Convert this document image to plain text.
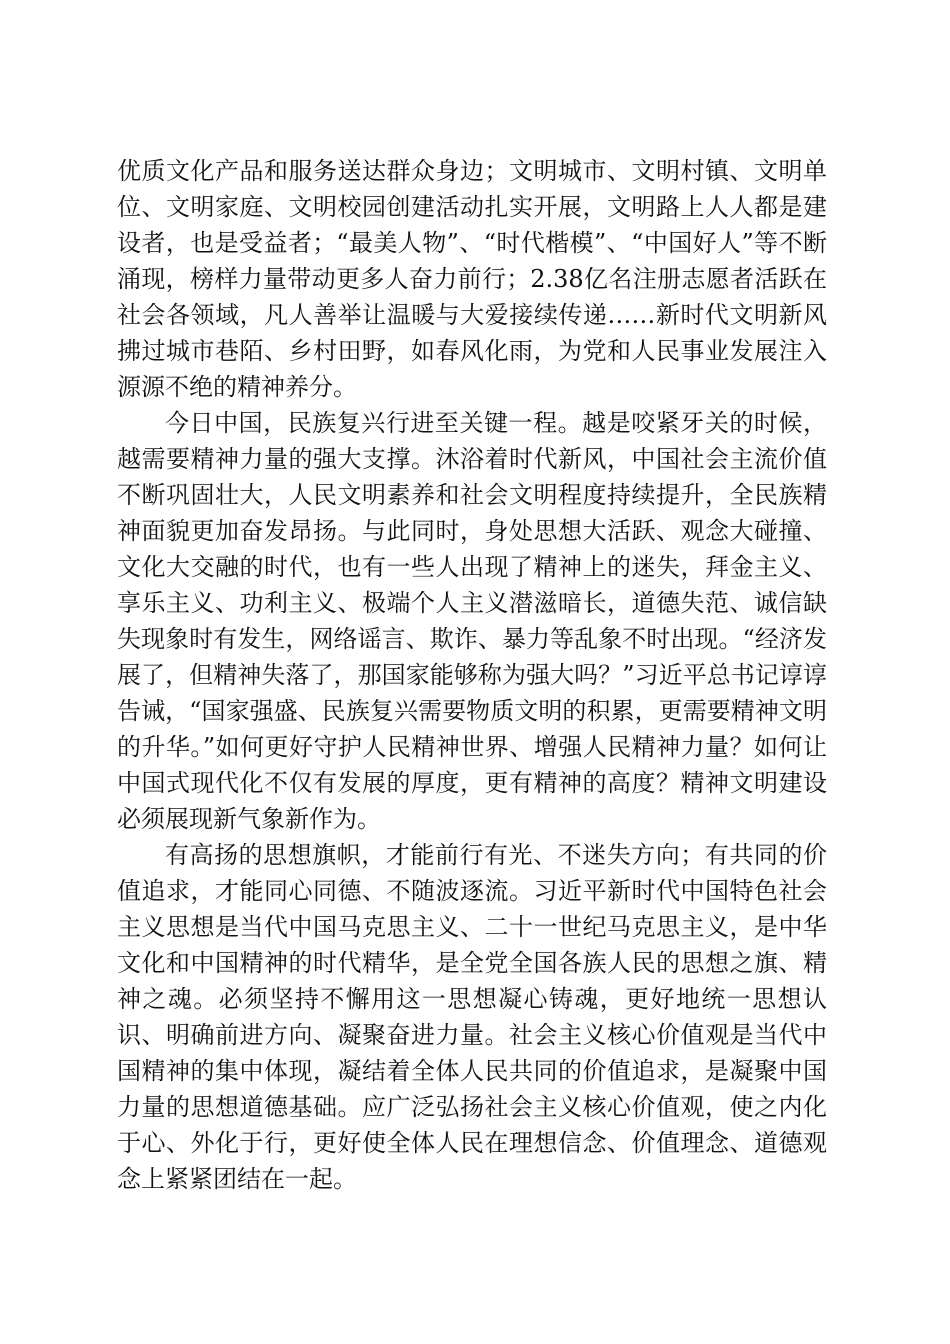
优质文化产品和服务送达群众身边；文明城市、文明村镇、文明单位、文明家庭、文明校园创建活动扎实开展，文明路上人人都是建设者，也是受益者；“最美人物”、“时代楷模”、“中国好人”等不断涌现，榜样力量带动更多人奋力前行；2.38亿名注册志愿者活跃在社会各领域，凡人善举让温暖与大爱接续传递……新时代文明新风拂过城市巷陌、乡村田野，如春风化雨，为党和人民事业发展注入源源不绝的精神养分。

今日中国，民族复兴行进至关键一程。越是咬紧牙关的时候，越需要精神力量的强大支撑。沐浴着时代新风，中国社会主流价值不断巩固壮大，人民文明素养和社会文明程度持续提升，全民族精神面貌更加奋发昂扬。与此同时，身处思想大活跃、观念大碰撞、文化大交融的时代，也有一些人出现了精神上的迷失，拜金主义、享乐主义、功利主义、极端个人主义潜滋暗长，道德失范、诚信缺失现象时有发生，网络谣言、欺诈、暴力等乱象不时出现。“经济发展了，但精神失落了，那国家能够称为强大吗？”习近平总书记谆谆告诫，“国家强盛、民族复兴需要物质文明的积累，更需要精神文明的升华。”如何更好守护人民精神世界、增强人民精神力量？如何让中国式现代化不仅有发展的厚度，更有精神的高度？精神文明建设必须展现新气象新作为。

有高扬的思想旗帜，才能前行有光、不迷失方向；有共同的价值追求，才能同心同德、不随波逐流。习近平新时代中国特色社会主义思想是当代中国马克思主义、二十一世纪马克思主义，是中华文化和中国精神的时代精华，是全党全国各族人民的思想之旗、精神之魂。必须坚持不懈用这一思想凝心铸魂，更好地统一思想认识、明确前进方向、凝聚奋进力量。社会主义核心价值观是当代中国精神的集中体现，凝结着全体人民共同的价值追求，是凝聚中国力量的思想道德基础。应广泛弘扬社会主义核心价值观，使之内化于心、外化于行，更好使全体人民在理想信念、价值理念、道德观念上紧紧团结在一起。
